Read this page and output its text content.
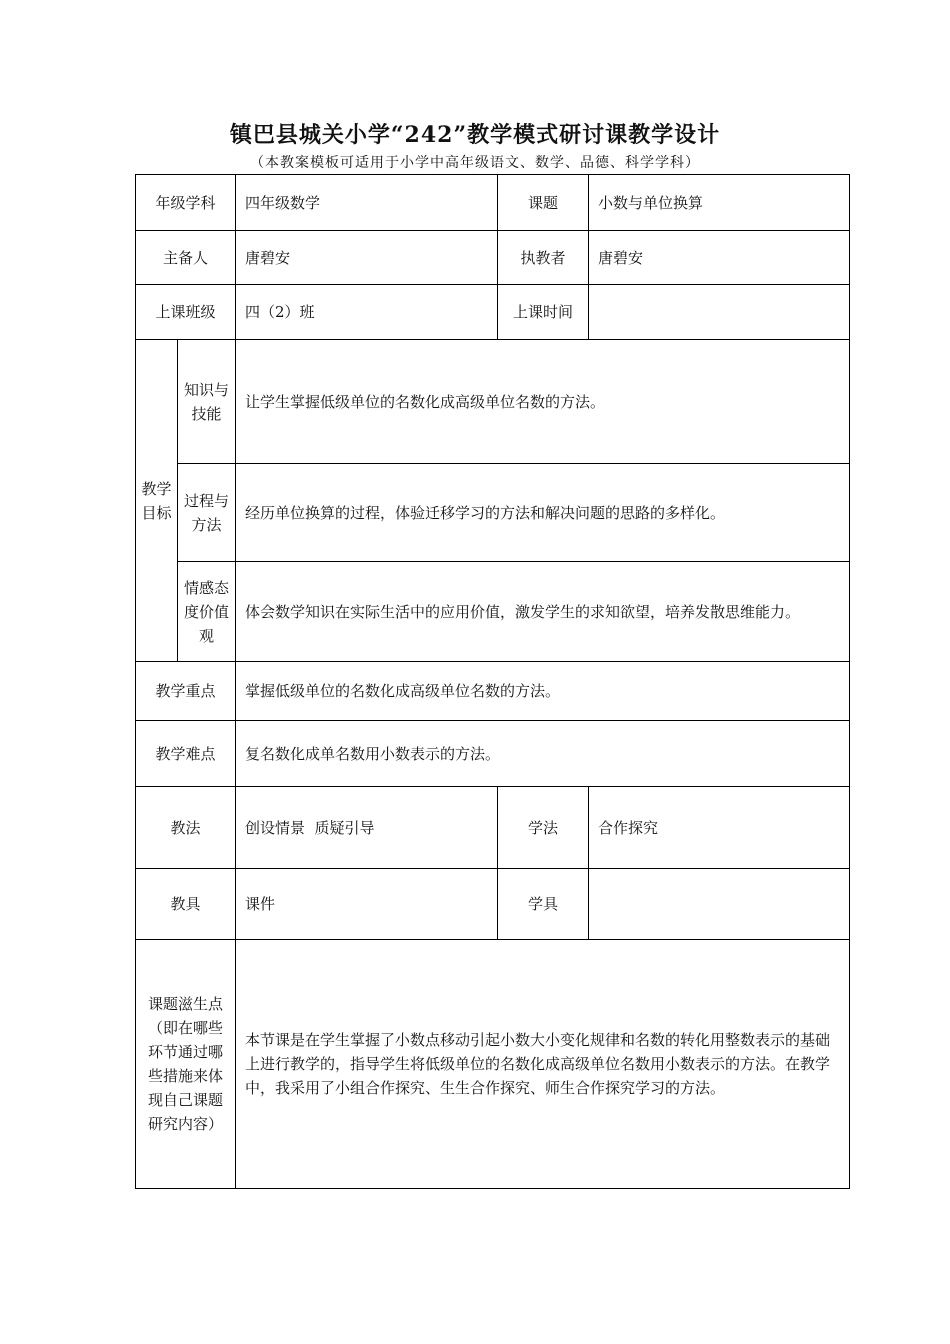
镇巴县城关小学“242”教学模式研讨课教学设计
（本教案模板可适用于小学中高年级语文、数学、品德、科学学科）
年级学科		四年级数学	课题	小数与单位换算
主备人		唐碧安	执教者	唐碧安
上课班级		四（2）班	上课时间	
教学目标	知识与技能	让学生掌握低级单位的名数化成高级单位名数的方法。		
	过程与方法	经历单位换算的过程，体验迁移学习的方法和解决问题的思路的多样化。		
	情感态度价值观	体会数学知识在实际生活中的应用价值，激发学生的求知欲望，培养发散思维能力。		
教学重点		掌握低级单位的名数化成高级单位名数的方法。		
教学难点		复名数化成单名数用小数表示的方法。		
教法		创设情景  质疑引导	学法	合作探究
教具		课件	学具	
课题滋生点（即在哪些环节通过哪些措施来体现自己课题研究内容）		本节课是在学生掌握了小数点移动引起小数大小变化规律和名数的转化用整数表示的基础上进行教学的，指导学生将低级单位的名数化成高级单位名数用小数表示的方法。在教学中，我采用了小组合作探究、生生合作探究、师生合作探究学习的方法。		
